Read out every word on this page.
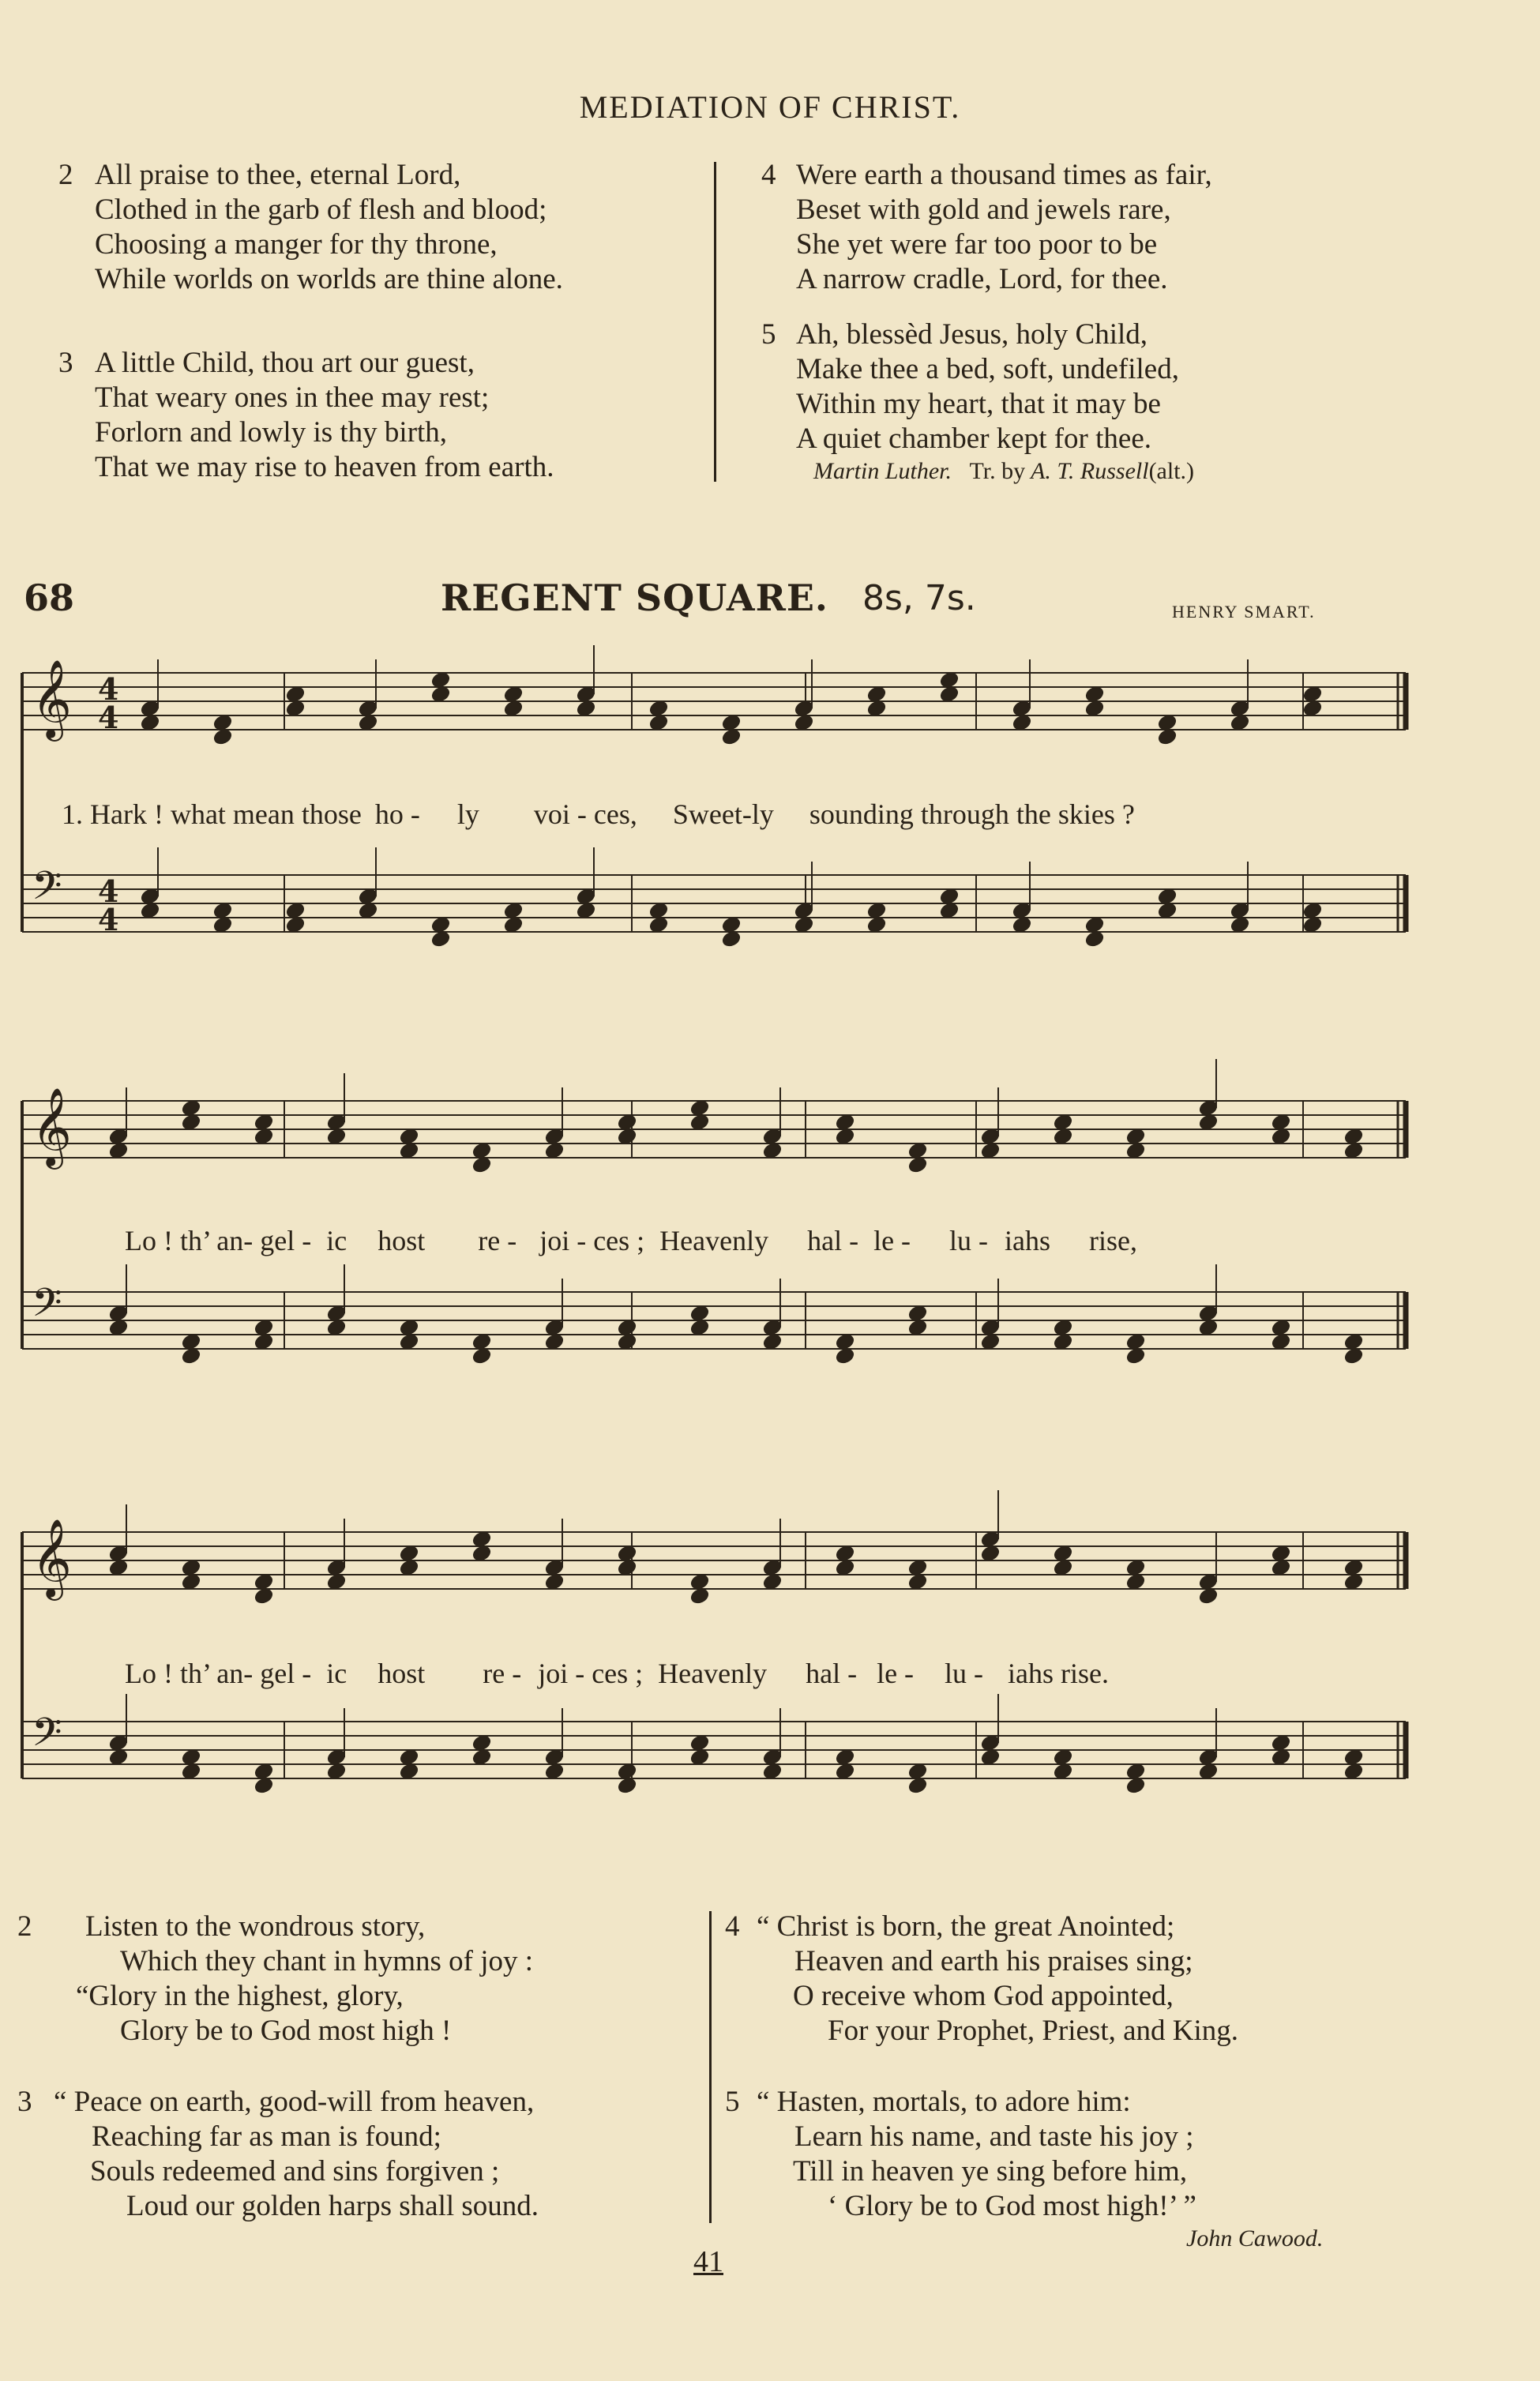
MEDIATION OF CHRIST.
2 All praise to thee, eternal Lord,
Clothed in the garb of flesh and blood;
Choosing a manger for thy throne,
While worlds on worlds are thine alone.
3 A little Child, thou art our guest,
That weary ones in thee may rest;
Forlorn and lowly is thy birth,
That we may rise to heaven from earth.
4 Were earth a thousand times as fair,
Beset with gold and jewels rare,
She yet were far too poor to be
A narrow cradle, Lord, for thee.
5 Ah, blessèd Jesus, holy Child,
Make thee a bed, soft, undefiled,
Within my heart, that it may be
A quiet chamber kept for thee.
Martin Luther. Tr. by A. T. Russell(alt.)
68	REGENT SQUARE. 8s, 7s.	HENRY SMART.
𝄞 4
4
𝄢 4
4
𝄞
𝄢
𝄞
𝄢
1. Hark ! what mean those ho - ly voi - ces, Sweet-ly sounding through the skies ?
Lo ! th’ an- gel - ic host re - joi - ces ; Heavenly hal - le - lu - iahs rise,
Lo ! th’ an- gel - ic host re - joi - ces ; Heavenly hal - le - lu - iahs rise.
2 Listen to the wondrous story,
Which they chant in hymns of joy :
“Glory in the highest, glory,
Glory be to God most high !
3 “ Peace on earth, good-will from heaven,
Reaching far as man is found;
Souls redeemed and sins forgiven ;
Loud our golden harps shall sound.
4 “ Christ is born, the great Anointed;
Heaven and earth his praises sing;
O receive whom God appointed,
For your Prophet, Priest, and King.
5 “ Hasten, mortals, to adore him:
Learn his name, and taste his joy ;
Till in heaven ye sing before him,
‘ Glory be to God most high!’ ”
John Cawood.
41
